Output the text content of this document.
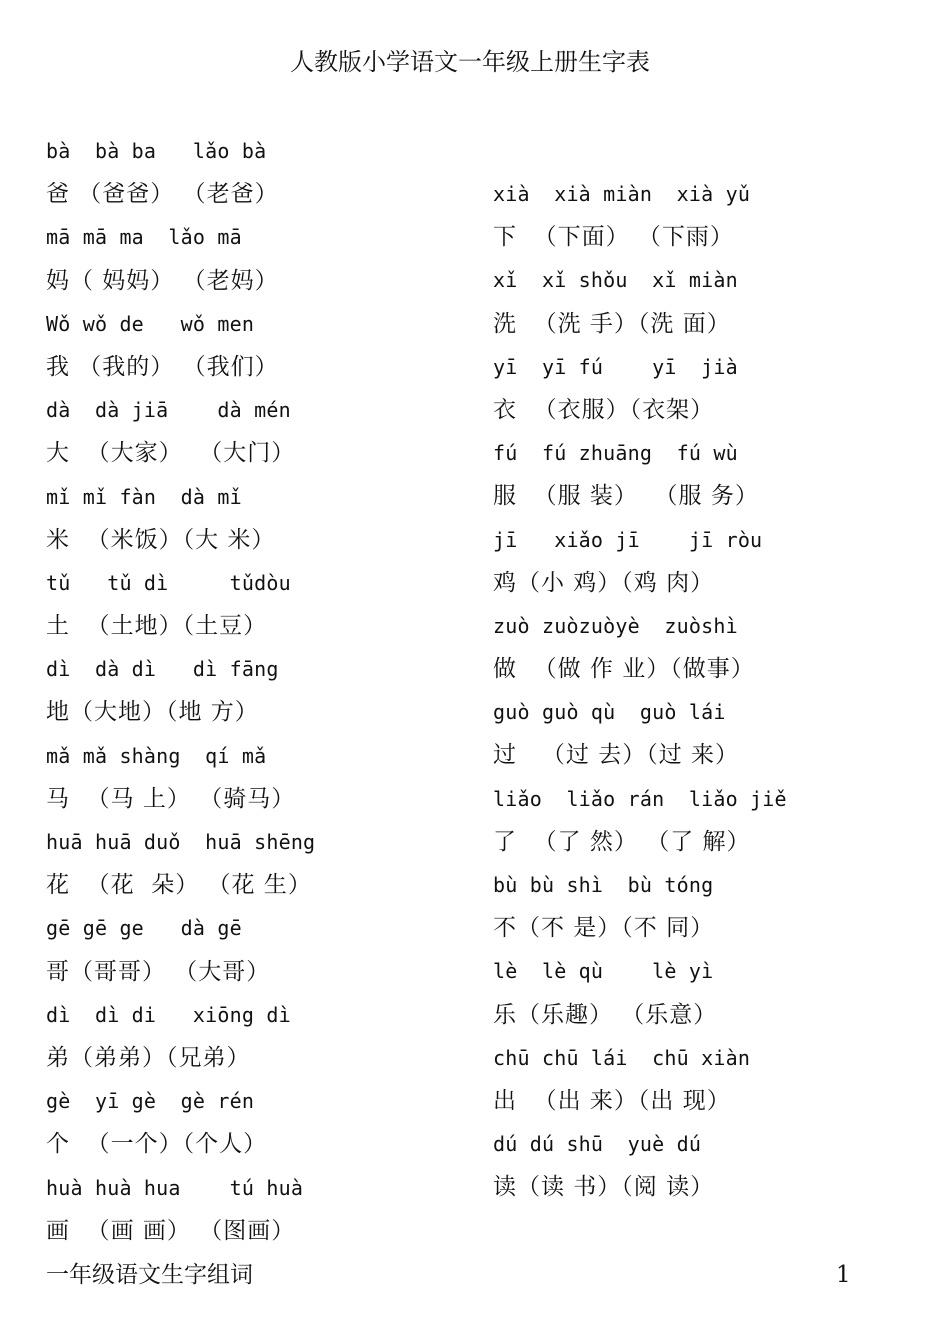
人教版小学语文一年级上册生字表
bà  bà ba   lǎo bà
爸 （爸爸） （老爸）
mā mā ma  lǎo mā
妈（ 妈妈） （老妈）
Wǒ wǒ de   wǒ men
我 （我的） （我们）
dà  dà jiā    dà mén
大  （大家）  （大门）
mǐ mǐ fàn  dà mǐ
米  （米饭）（大 米）
tǔ   tǔ dì     tǔdòu
土  （土地）（土豆）
dì  dà dì   dì fāng
地（大地）（地 方）
mǎ mǎ shàng  qí mǎ
马  （马 上） （骑马）
huā huā duǒ  huā shēng
花  （花  朵） （花 生）
gē gē ge   dà gē
哥（哥哥） （大哥）
dì  dì di   xiōng dì
弟（弟弟）（兄弟）
gè  yī gè  gè rén
个  （一个）（个人）
huà huà hua    tú huà
画  （画 画） （图画）
xià  xià miàn  xià yǔ
下  （下面） （下雨）
xǐ  xǐ shǒu  xǐ miàn
洗  （洗 手）（洗 面）
yī  yī fú    yī  jià
衣  （衣服）（衣架）
fú  fú zhuāng  fú wù
服  （服 装）  （服 务）
jī   xiǎo jī    jī ròu
鸡（小 鸡）（鸡 肉）
zuò zuòzuòyè  zuòshì
做  （做 作 业）（做事）
guò guò qù  guò lái
过   （过 去）（过 来）
liǎo  liǎo rán  liǎo jiě
了  （了 然） （了 解）
bù bù shì  bù tóng
不（不 是）（不 同）
lè  lè qù    lè yì
乐（乐趣） （乐意）
chū chū lái  chū xiàn
出  （出 来）（出 现）
dú dú shū  yuè dú
读（读 书）（阅 读）
一年级语文生字组词	1
